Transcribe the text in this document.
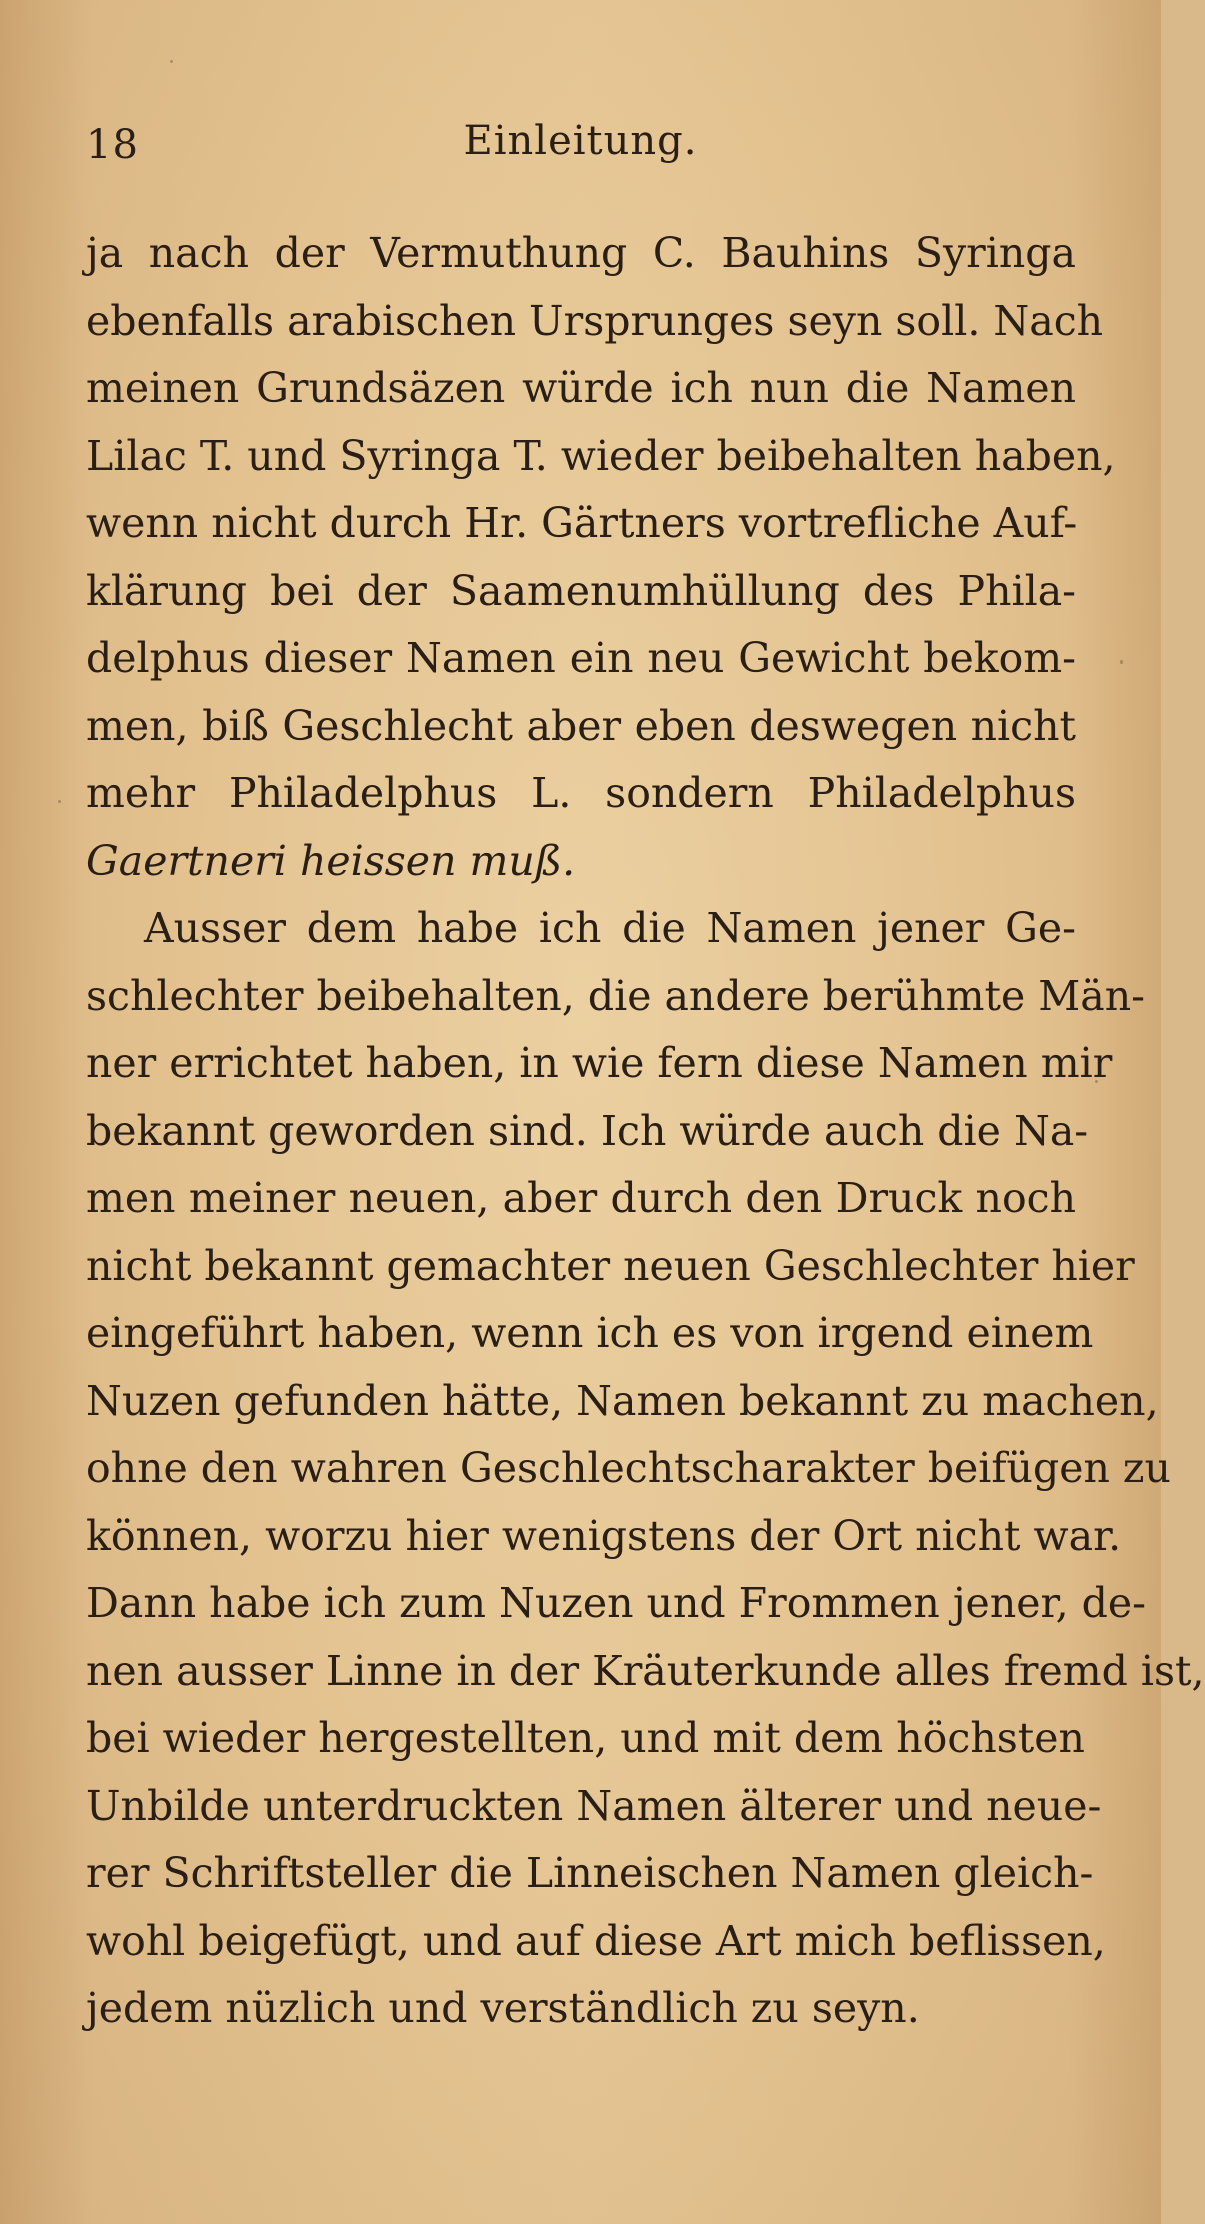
18	Einleitung.
ja nach der Vermuthung C. Bauhins Syringa
ebenfalls arabischen Ursprunges seyn soll. Nach
meinen Grundsäzen würde ich nun die Namen
Lilac T. und Syringa T. wieder beibehalten haben,
wenn nicht durch Hr. Gärtners vortrefliche Auf-
klärung bei der Saamenumhüllung des Phila-
delphus dieser Namen ein neu Gewicht bekom-
men, biß Geschlecht aber eben deswegen nicht
mehr Philadelphus L. sondern Philadelphus
Gaertneri heissen muß.
Ausser dem habe ich die Namen jener Ge-
schlechter beibehalten, die andere berühmte Män-
ner errichtet haben, in wie fern diese Namen mir
bekannt geworden sind. Ich würde auch die Na-
men meiner neuen, aber durch den Druck noch
nicht bekannt gemachter neuen Geschlechter hier
eingeführt haben, wenn ich es von irgend einem
Nuzen gefunden hätte, Namen bekannt zu machen,
ohne den wahren Geschlechtscharakter beifügen zu
können, worzu hier wenigstens der Ort nicht war.
Dann habe ich zum Nuzen und Frommen jener, de-
nen ausser Linne in der Kräuterkunde alles fremd ist,
bei wieder hergestellten, und mit dem höchsten
Unbilde unterdruckten Namen älterer und neue-
rer Schriftsteller die Linneischen Namen gleich-
wohl beigefügt, und auf diese Art mich beflissen,
jedem nüzlich und verständlich zu seyn.
